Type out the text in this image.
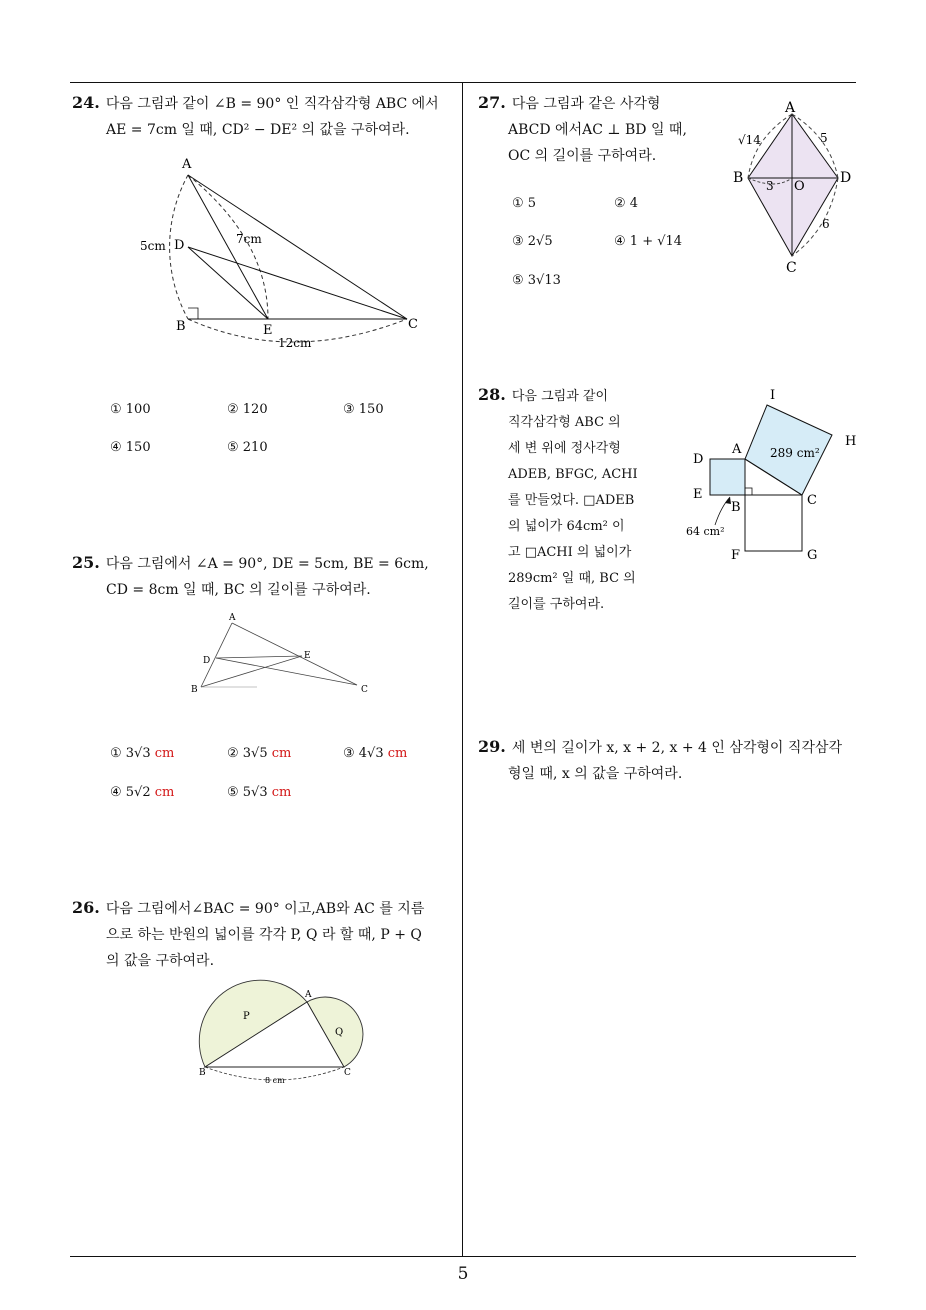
5
24. 다음 그림과 같이 ∠B = 90° 인 직각삼각형 ABC 에서
AE = 7cm 일 때, CD² − DE² 의 값을 구하여라.
A
B	C
D
E
5cm	7cm
12cm
① 100	② 120	③ 150
④ 150	⑤ 210
25. 다음 그림에서 ∠A = 90°, DE = 5cm, BE = 6cm,
CD = 8cm 일 때, BC 의 길이를 구하여라.
A
B	C
D	E
① 3√3 cm	② 3√5 cm	③ 4√3 cm
④ 5√2 cm	⑤ 5√3 cm
26. 다음 그림에서∠BAC = 90° 이고,AB와 AC 를 지름
으로 하는 반원의 넓이를 각각 P, Q 라 할 때, P + Q
의 값을 구하여라.
A
B	C
P
Q
8 cm
27. 다음 그림과 같은 사각형
ABCD 에서AC ⊥ BD 일 때,
OC 의 길이를 구하여라.
A
B
C
D
O
√14	5
3
6
① 5	② 4
③ 2√5	④ 1 + √14
⑤ 3√13
28. 다음 그림과 같이
직각삼각형 ABC 의
세 변 위에 정사각형
ADEB, BFGC, ACHI
를 만들었다. □ADEB
의 넓이가 64cm² 이
고 □ACHI 의 넓이가
289cm² 일 때, BC 의
길이를 구하여라.
I
H
A
D
E
B	C
F	G
289 cm²
64 cm²
29. 세 변의 길이가 x, x + 2, x + 4 인 삼각형이 직각삼각
형일 때, x 의 값을 구하여라.
